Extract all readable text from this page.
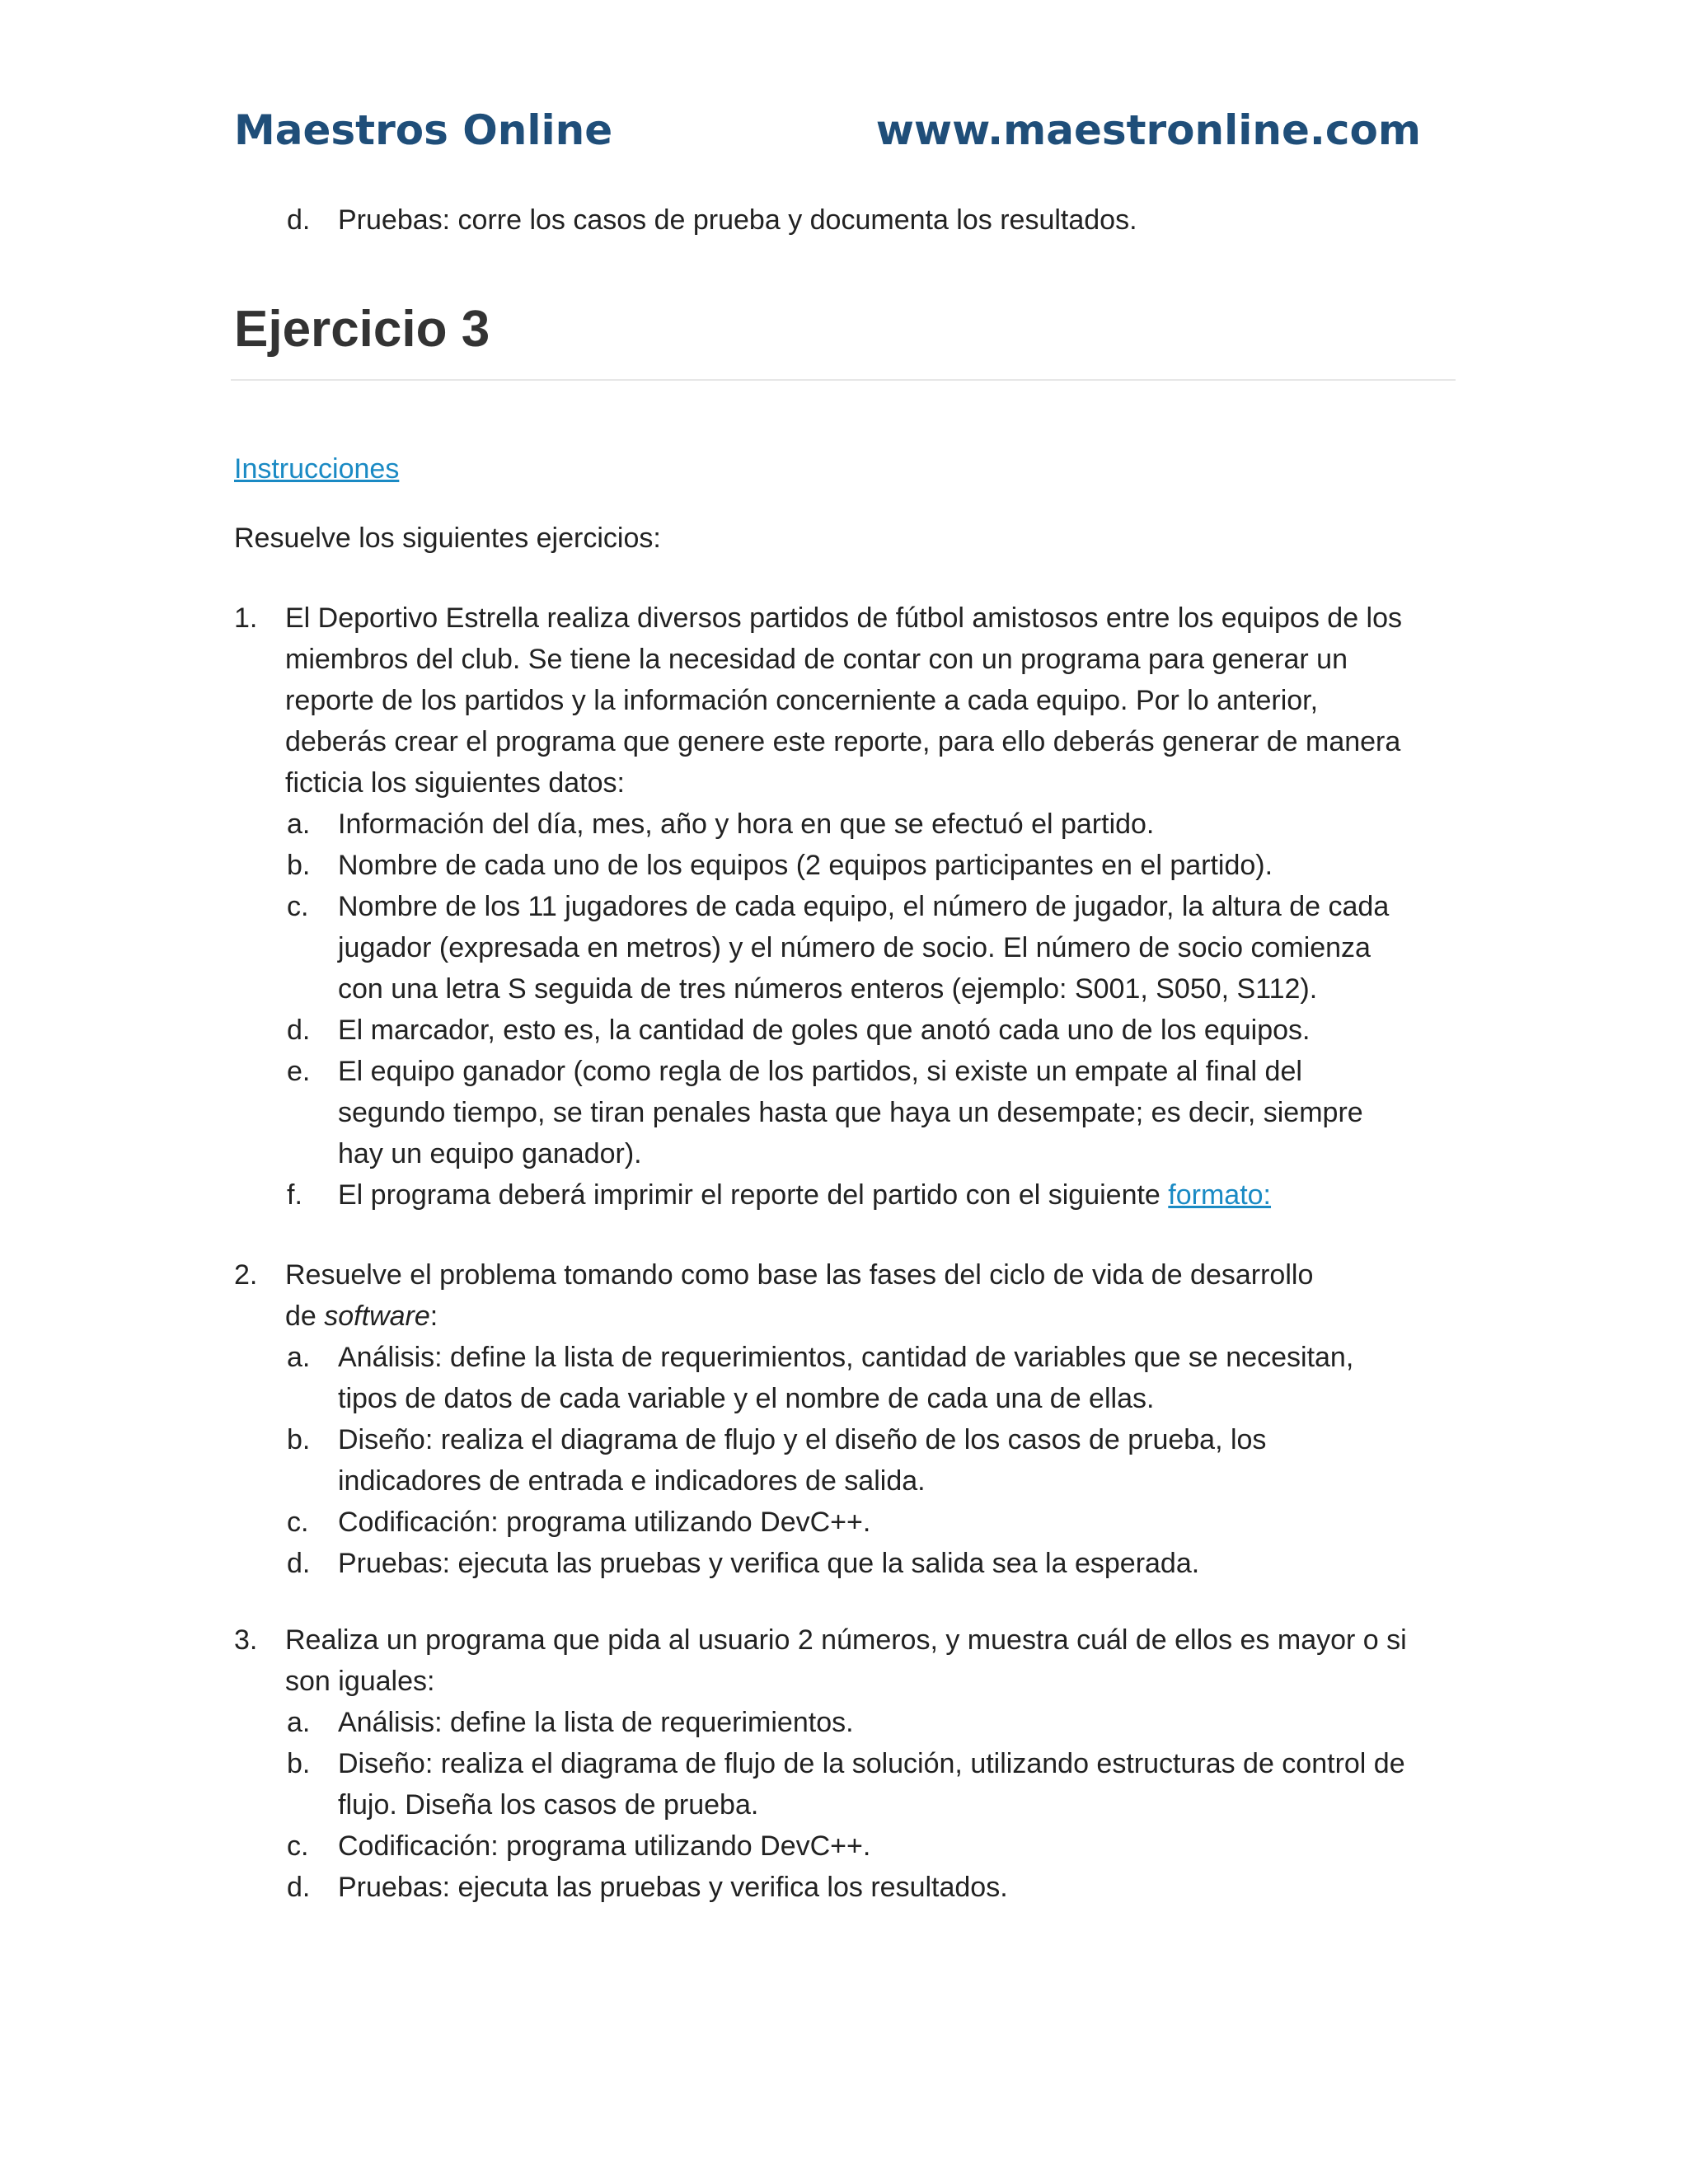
Maestros Online	www.maestronline.com
d. Pruebas: corre los casos de prueba y documenta los resultados.
Ejercicio 3
Instrucciones
Resuelve los siguientes ejercicios:
1. El Deportivo Estrella realiza diversos partidos de fútbol amistosos entre los equipos de los
miembros del club. Se tiene la necesidad de contar con un programa para generar un
reporte de los partidos y la información concerniente a cada equipo. Por lo anterior,
deberás crear el programa que genere este reporte, para ello deberás generar de manera
ficticia los siguientes datos:
a. Información del día, mes, año y hora en que se efectuó el partido.
b. Nombre de cada uno de los equipos (2 equipos participantes en el partido).
c. Nombre de los 11 jugadores de cada equipo, el número de jugador, la altura de cada
jugador (expresada en metros) y el número de socio. El número de socio comienza
con una letra S seguida de tres números enteros (ejemplo: S001, S050, S112).
d. El marcador, esto es, la cantidad de goles que anotó cada uno de los equipos.
e. El equipo ganador (como regla de los partidos, si existe un empate al final del
segundo tiempo, se tiran penales hasta que haya un desempate; es decir, siempre
hay un equipo ganador).
f. El programa deberá imprimir el reporte del partido con el siguiente formato:
2. Resuelve el problema tomando como base las fases del ciclo de vida de desarrollo
de software:
a. Análisis: define la lista de requerimientos, cantidad de variables que se necesitan,
tipos de datos de cada variable y el nombre de cada una de ellas.
b. Diseño: realiza el diagrama de flujo y el diseño de los casos de prueba, los
indicadores de entrada e indicadores de salida.
c. Codificación: programa utilizando DevC++.
d. Pruebas: ejecuta las pruebas y verifica que la salida sea la esperada.
3. Realiza un programa que pida al usuario 2 números, y muestra cuál de ellos es mayor o si
son iguales:
a. Análisis: define la lista de requerimientos.
b. Diseño: realiza el diagrama de flujo de la solución, utilizando estructuras de control de
flujo. Diseña los casos de prueba.
c. Codificación: programa utilizando DevC++.
d. Pruebas: ejecuta las pruebas y verifica los resultados.
